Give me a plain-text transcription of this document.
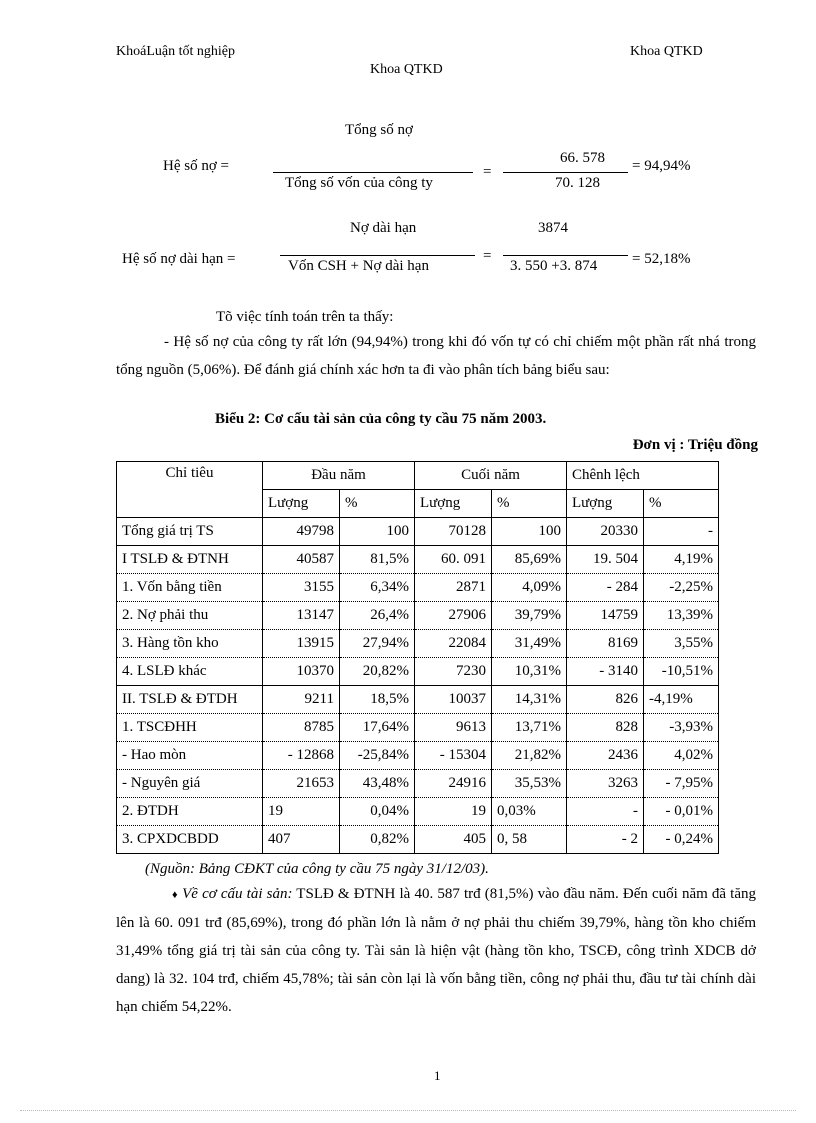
KhoáLuận tốt nghiệp	Khoa QTKD
Khoa QTKD
Hệ số nợ =
Tổng số nợ
Tổng số vốn của công ty
=
66. 578
70. 128
= 94,94%
Hệ số nợ dài hạn =
Nợ dài hạn
Vốn CSH + Nợ dài hạn
=
3874
3. 550 +3. 874 = 52,18%
Tõ việc tính toán trên ta thấy:
- Hệ số nợ của công ty rất lớn (94,94%) trong khi đó vốn tự có chỉ chiếm một phần rất nhá trong tổng nguồn (5,06%). Để đánh giá chính xác hơn ta đi vào phân tích bảng biểu sau:
Biểu 2: Cơ cấu tài sản của công ty cầu 75 năm 2003.
Đơn vị : Triệu đồng
Chỉ tiêu	Đầu năm		Cuối năm		Chênh lệch	
	Lượng	%	Lượng	%	Lượng	%
Tổng giá trị TS	49798	100	70128	100	20330	-
I TSLĐ & ĐTNH	40587	81,5%	60. 091	85,69%	19. 504	4,19%
1. Vốn bằng tiền	3155	6,34%	2871	4,09%	- 284	-2,25%
2. Nợ phải thu	13147	26,4%	27906	39,79%	14759	13,39%
3. Hàng tồn kho	13915	27,94%	22084	31,49%	8169	3,55%
4. LSLĐ khác	10370	20,82%	7230	10,31%	- 3140	-10,51%
II. TSLĐ & ĐTDH	9211	18,5%	10037	14,31%	826	-4,19%
1. TSCĐHH	8785	17,64%	9613	13,71%	828	-3,93%
- Hao mòn	- 12868	-25,84%	- 15304	21,82%	2436	4,02%
- Nguyên giá	21653	43,48%	24916	35,53%	3263	- 7,95%
2. ĐTDH	19	0,04%	19	0,03%	-	- 0,01%
3. CPXDCBDD	407	0,82%	405	0, 58	- 2	- 0,24%
(Nguồn: Bảng CĐKT của công ty cầu 75 ngày 31/12/03).
♦ Về cơ cấu tài sản: TSLĐ & ĐTNH là 40. 587 trđ (81,5%) vào đầu năm. Đến cuối năm đã tăng lên là 60. 091 trđ (85,69%), trong đó phần lớn là nằm ở nợ phải thu chiếm 39,79%, hàng tồn kho chiếm 31,49% tổng giá trị tài sản của công ty. Tài sản là hiện vật (hàng tồn kho, TSCĐ, công trình XDCB dở dang) là 32. 104 trđ, chiếm 45,78%; tài sản còn lại là vốn bằng tiền, công nợ phải thu, đầu tư tài chính dài hạn chiếm 54,22%.
1
